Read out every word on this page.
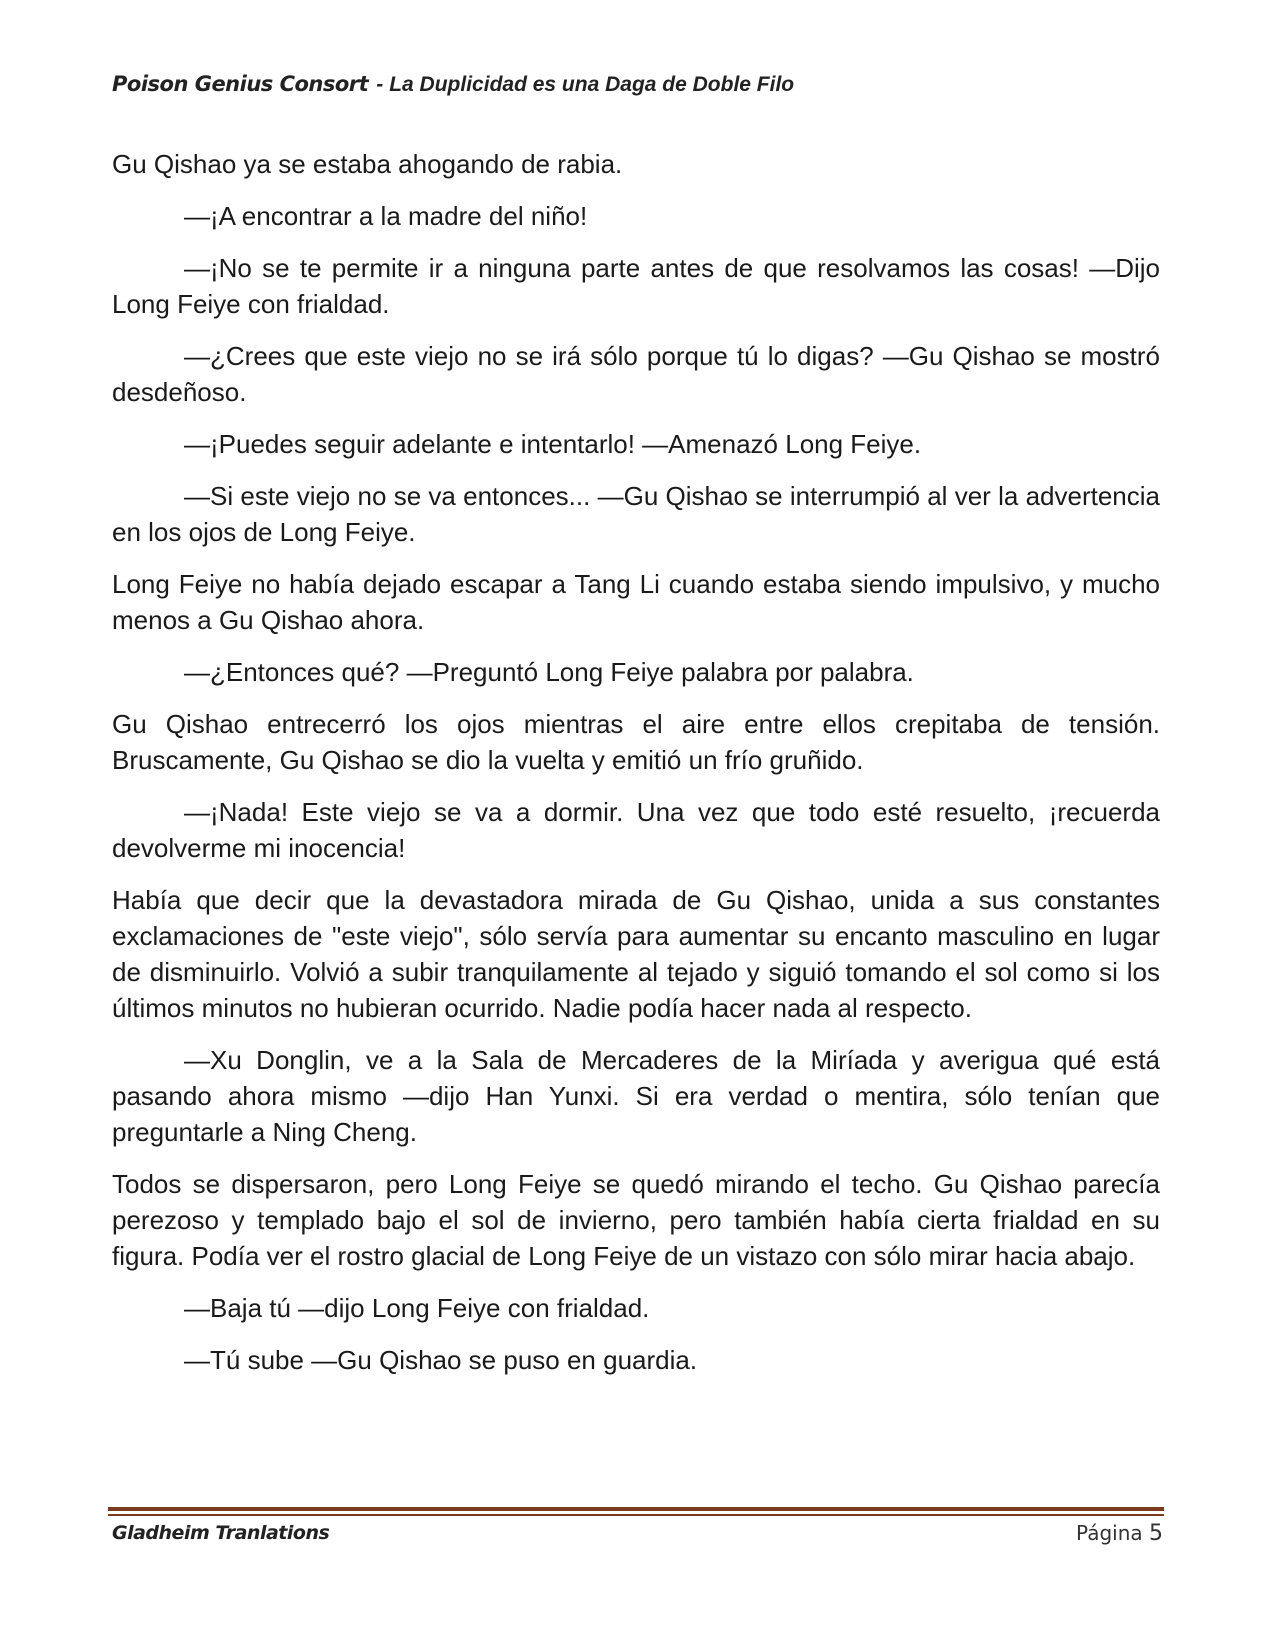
Poison Genius Consort - La Duplicidad es una Daga de Doble Filo

Gu Qishao ya se estaba ahogando de rabia.

—¡A encontrar a la madre del niño!

—¡No se te permite ir a ninguna parte antes de que resolvamos las cosas! —Dijo Long Feiye con frialdad.

—¿Crees que este viejo no se irá sólo porque tú lo digas? —Gu Qishao se mostró desdeñoso.

—¡Puedes seguir adelante e intentarlo! —Amenazó Long Feiye.

—Si este viejo no se va entonces... —Gu Qishao se interrumpió al ver la advertencia en los ojos de Long Feiye.

Long Feiye no había dejado escapar a Tang Li cuando estaba siendo impulsivo, y mucho menos a Gu Qishao ahora.

—¿Entonces qué? —Preguntó Long Feiye palabra por palabra.

Gu Qishao entrecerró los ojos mientras el aire entre ellos crepitaba de tensión. Bruscamente, Gu Qishao se dio la vuelta y emitió un frío gruñido.

—¡Nada! Este viejo se va a dormir. Una vez que todo esté resuelto, ¡recuerda devolverme mi inocencia!

Había que decir que la devastadora mirada de Gu Qishao, unida a sus constantes exclamaciones de "este viejo", sólo servía para aumentar su encanto masculino en lugar de disminuirlo. Volvió a subir tranquilamente al tejado y siguió tomando el sol como si los últimos minutos no hubieran ocurrido. Nadie podía hacer nada al respecto.

—Xu Donglin, ve a la Sala de Mercaderes de la Miríada y averigua qué está pasando ahora mismo —dijo Han Yunxi. Si era verdad o mentira, sólo tenían que preguntarle a Ning Cheng.

Todos se dispersaron, pero Long Feiye se quedó mirando el techo. Gu Qishao parecía perezoso y templado bajo el sol de invierno, pero también había cierta frialdad en su figura. Podía ver el rostro glacial de Long Feiye de un vistazo con sólo mirar hacia abajo.

—Baja tú —dijo Long Feiye con frialdad.

—Tú sube —Gu Qishao se puso en guardia.

Gladheim Tranlations	Página 5
